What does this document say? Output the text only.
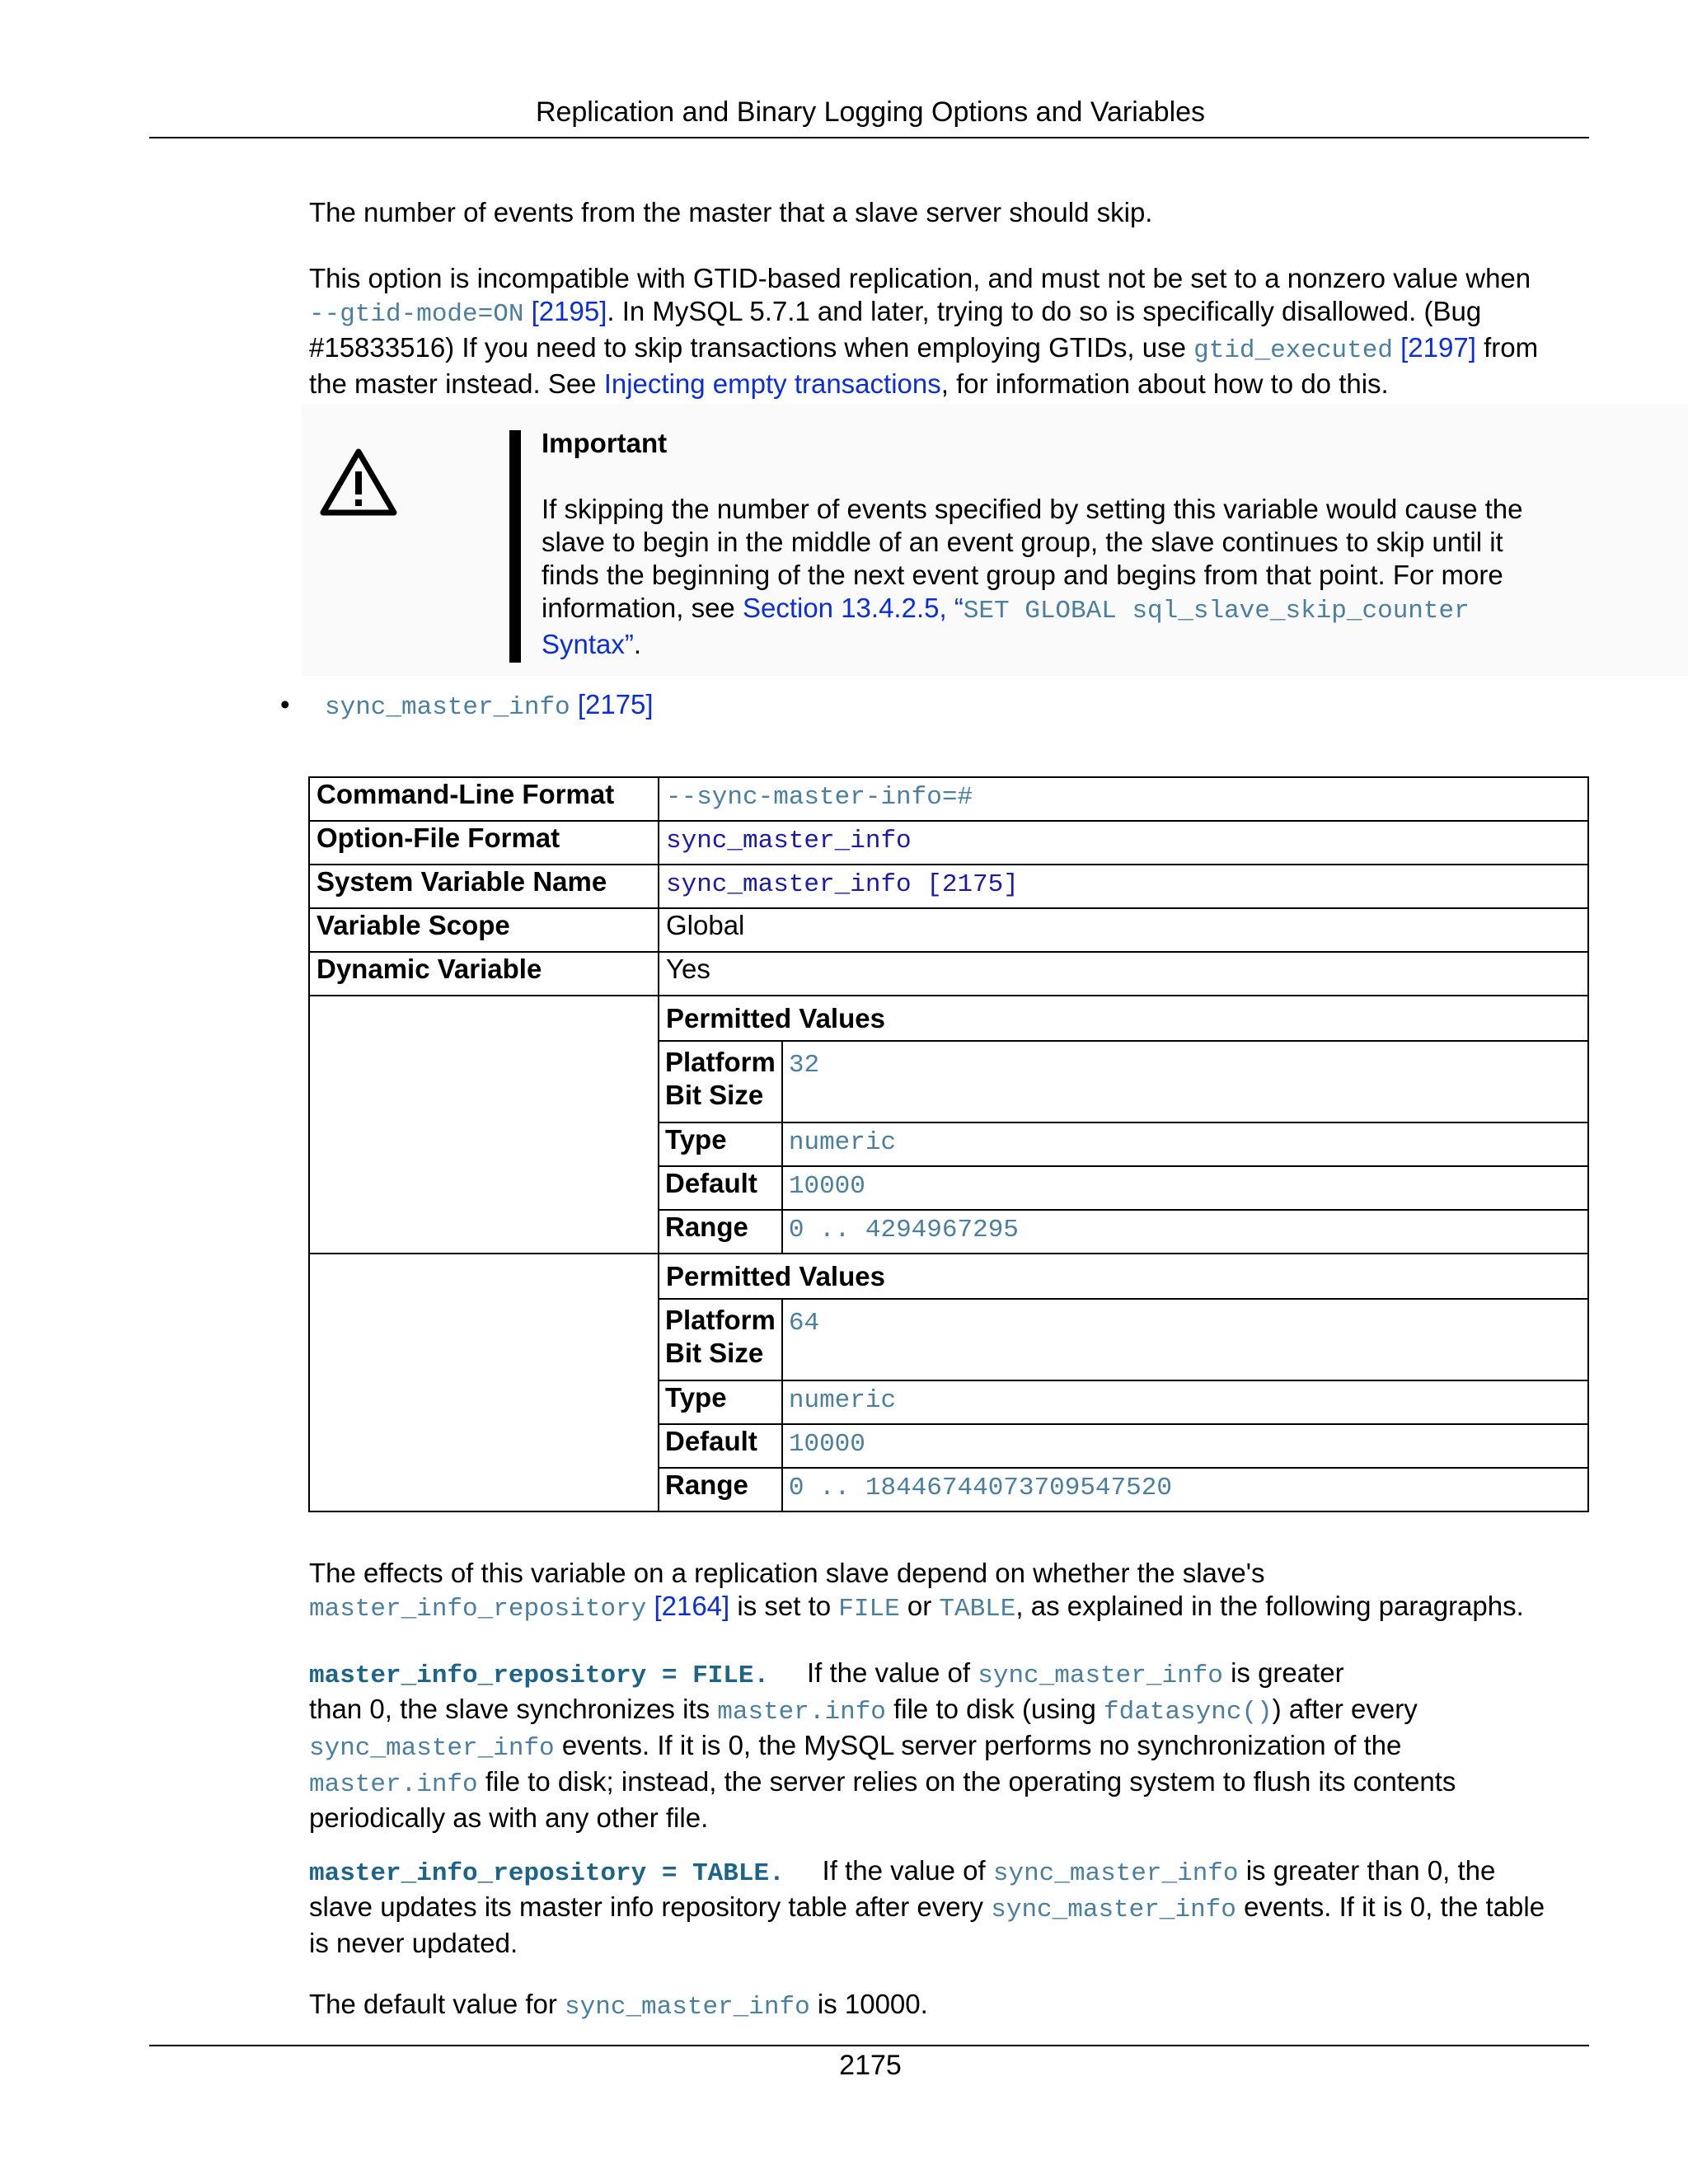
Replication and Binary Logging Options and Variables
The number of events from the master that a slave server should skip.
This option is incompatible with GTID-based replication, and must not be set to a nonzero value when
--gtid-mode=ON [2195]. In MySQL 5.7.1 and later, trying to do so is specifically disallowed. (Bug
#15833516) If you need to skip transactions when employing GTIDs, use gtid_executed [2197] from
the master instead. See Injecting empty transactions, for information about how to do this.
Important
If skipping the number of events specified by setting this variable would cause the
slave to begin in the middle of an event group, the slave continues to skip until it
finds the beginning of the next event group and begins from that point. For more
information, see Section 13.4.2.5, “SET GLOBAL sql_slave_skip_counter
Syntax”.
• sync_master_info [2175]
Command-Line Format	--sync-master-info=#
Option-File Format	sync_master_info
System Variable Name	sync_master_info [2175]
Variable Scope	Global
Dynamic Variable	Yes

Permitted Values
Platform
Bit Size
	32
Type	numeric
Default	10000
Range	0 .. 4294967295

Permitted Values
Platform
Bit Size
	64
Type	numeric
Default	10000
Range	0 .. 18446744073709547520
The effects of this variable on a replication slave depend on whether the slave's
master_info_repository [2164] is set to FILE or TABLE, as explained in the following paragraphs.
master_info_repository = FILE. If the value of sync_master_info is greater
than 0, the slave synchronizes its master.info file to disk (using fdatasync()) after every
sync_master_info events. If it is 0, the MySQL server performs no synchronization of the
master.info file to disk; instead, the server relies on the operating system to flush its contents
periodically as with any other file.
master_info_repository = TABLE. If the value of sync_master_info is greater than 0, the
slave updates its master info repository table after every sync_master_info events. If it is 0, the table
is never updated.
The default value for sync_master_info is 10000.
2175
